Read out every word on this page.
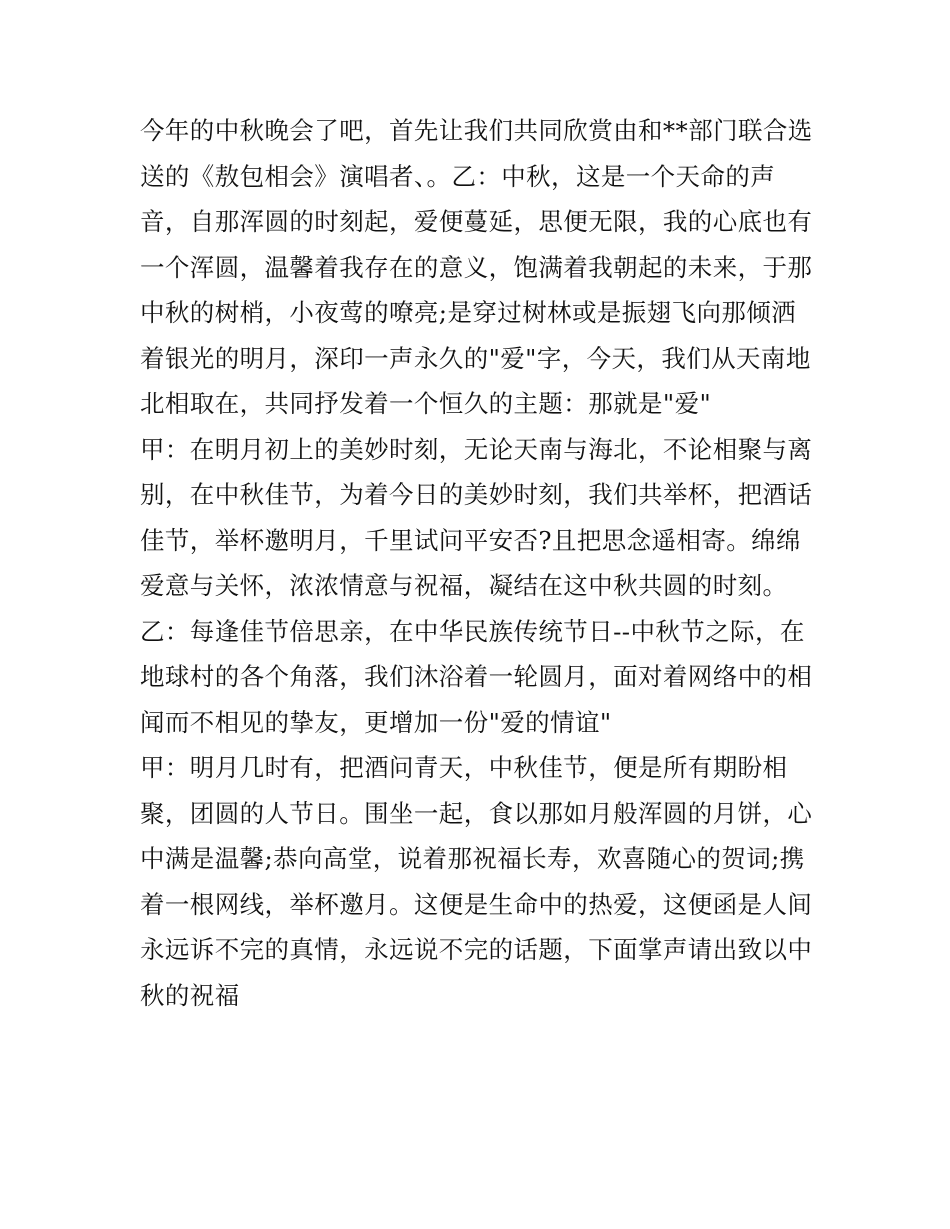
今年的中秋晚会了吧，首先让我们共同欣赏由和**部门联合选
送的《敖包相会》演唱者、。乙：中秋，这是一个天命的声
音，自那浑圆的时刻起，爱便蔓延，思便无限，我的心底也有
一个浑圆，温馨着我存在的意义，饱满着我朝起的未来，于那
中秋的树梢，小夜莺的嘹亮;是穿过树林或是振翅飞向那倾洒
着银光的明月，深印一声永久的"爱"字，今天，我们从天南地
北相取在，共同抒发着一个恒久的主题：那就是"爱"
甲：在明月初上的美妙时刻，无论天南与海北，不论相聚与离
别，在中秋佳节，为着今日的美妙时刻，我们共举杯，把酒话
佳节，举杯邀明月，千里试问平安否?且把思念遥相寄。绵绵
爱意与关怀，浓浓情意与祝福，凝结在这中秋共圆的时刻。
乙：每逢佳节倍思亲，在中华民族传统节日--中秋节之际，在
地球村的各个角落，我们沐浴着一轮圆月，面对着网络中的相
闻而不相见的挚友，更增加一份"爱的情谊"
甲：明月几时有，把酒问青天，中秋佳节，便是所有期盼相
聚，团圆的人节日。围坐一起，食以那如月般浑圆的月饼，心
中满是温馨;恭向高堂，说着那祝福长寿，欢喜随心的贺词;携
着一根网线，举杯邀月。这便是生命中的热爱，这便函是人间
永远诉不完的真情，永远说不完的话题，下面掌声请出致以中
秋的祝福
